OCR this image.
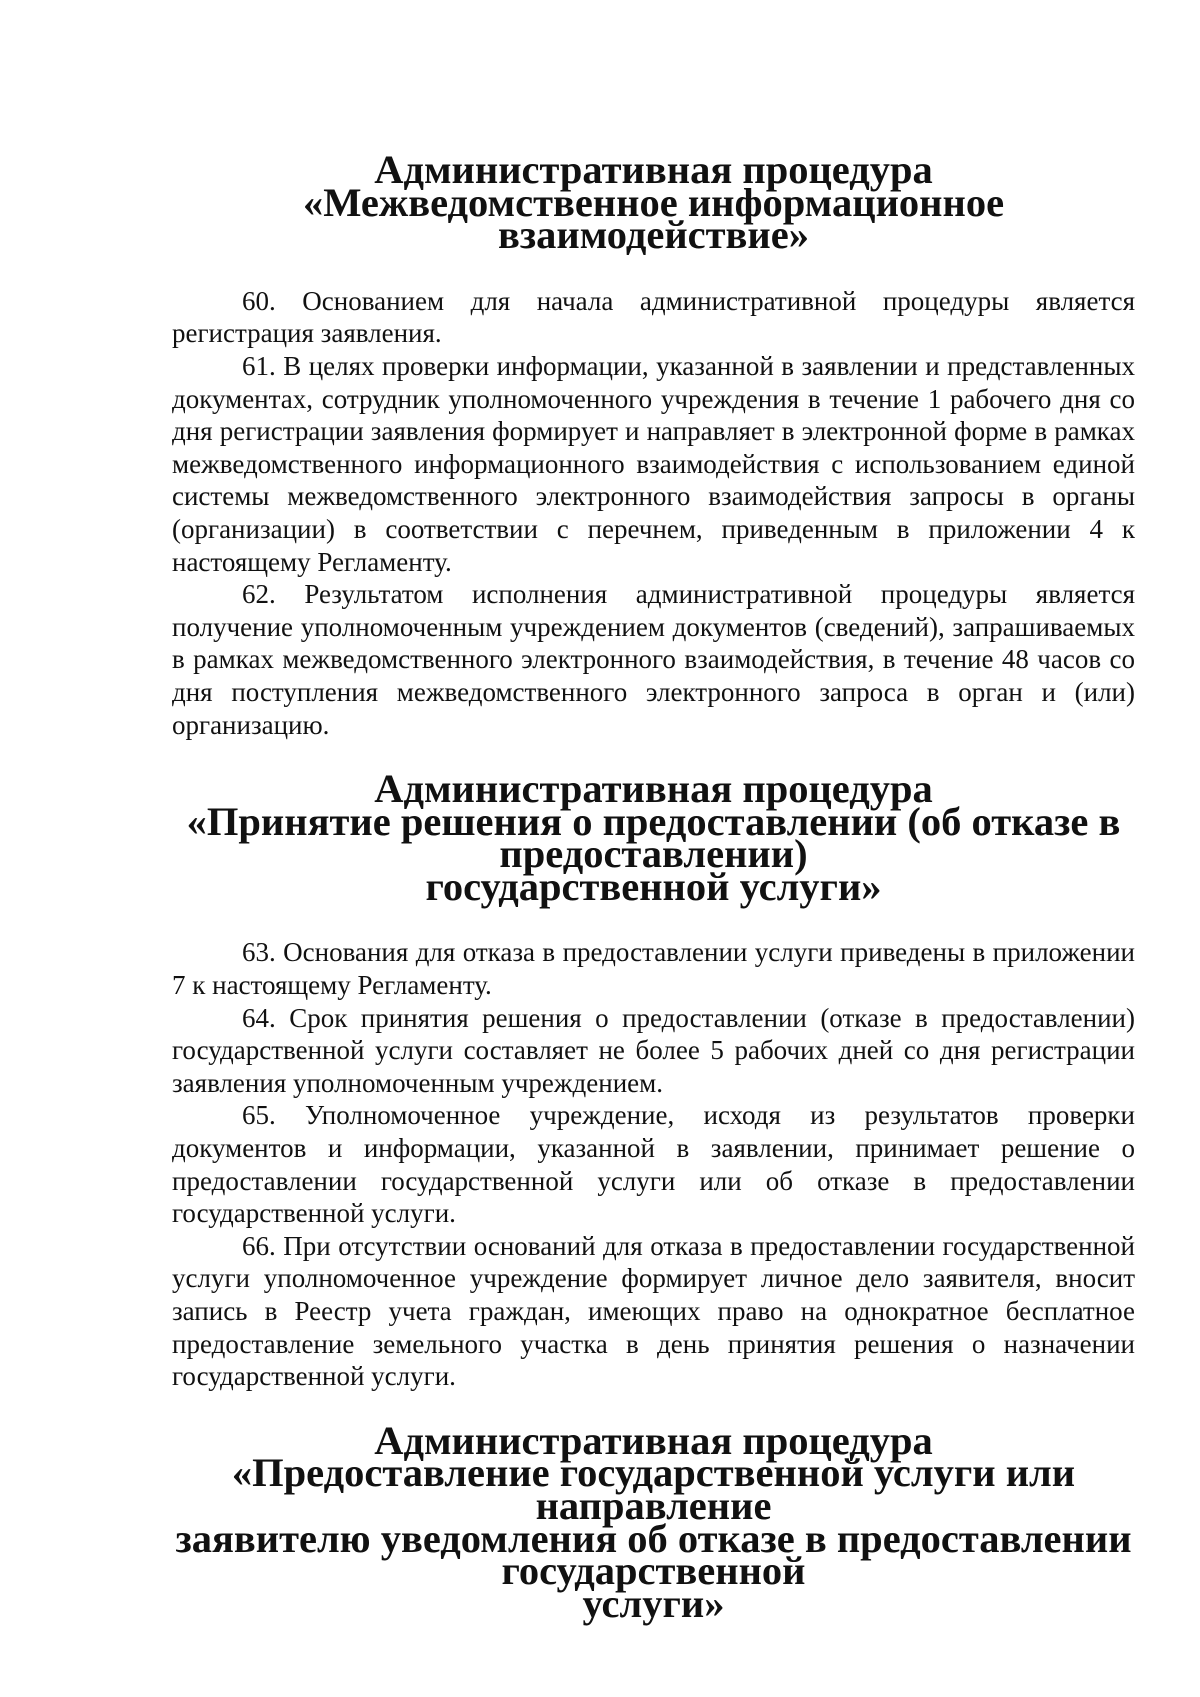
Административная процедура
«Межведомственное информационное взаимодействие»

60. Основанием для начала административной процедуры является регистрация заявления.

61. В целях проверки информации, указанной в заявлении и представленных документах, сотрудник уполномоченного учреждения в течение 1 рабочего дня со дня регистрации заявления формирует и направляет в электронной форме в рамках межведомственного информационного взаимодействия с использованием единой системы межведомственного электронного взаимодействия запросы в органы (организации) в соответствии с перечнем, приведенным в приложении 4 к настоящему Регламенту.

62. Результатом исполнения административной процедуры является получение уполномоченным учреждением документов (сведений), запрашиваемых в рамках межведомственного электронного взаимодействия, в течение 48 часов со дня поступления межведомственного электронного запроса в орган и (или) организацию.

Административная процедура
«Принятие решения о предоставлении (об отказе в предоставлении)
государственной услуги»

63. Основания для отказа в предоставлении услуги приведены в приложении 7 к настоящему Регламенту.

64. Срок принятия решения о предоставлении (отказе в предоставлении) государственной услуги составляет не более 5 рабочих дней со дня регистрации заявления уполномоченным учреждением.

65. Уполномоченное учреждение, исходя из результатов проверки документов и информации, указанной в заявлении, принимает решение о предоставлении государственной услуги или об отказе в предоставлении государственной услуги.

66. При отсутствии оснований для отказа в предоставлении государственной услуги уполномоченное учреждение формирует личное дело заявителя, вносит запись в Реестр учета граждан, имеющих право на однократное бесплатное предоставление земельного участка в день принятия решения о назначении государственной услуги.

Административная процедура
«Предоставление государственной услуги или направление
заявителю уведомления об отказе в предоставлении государственной
услуги»
